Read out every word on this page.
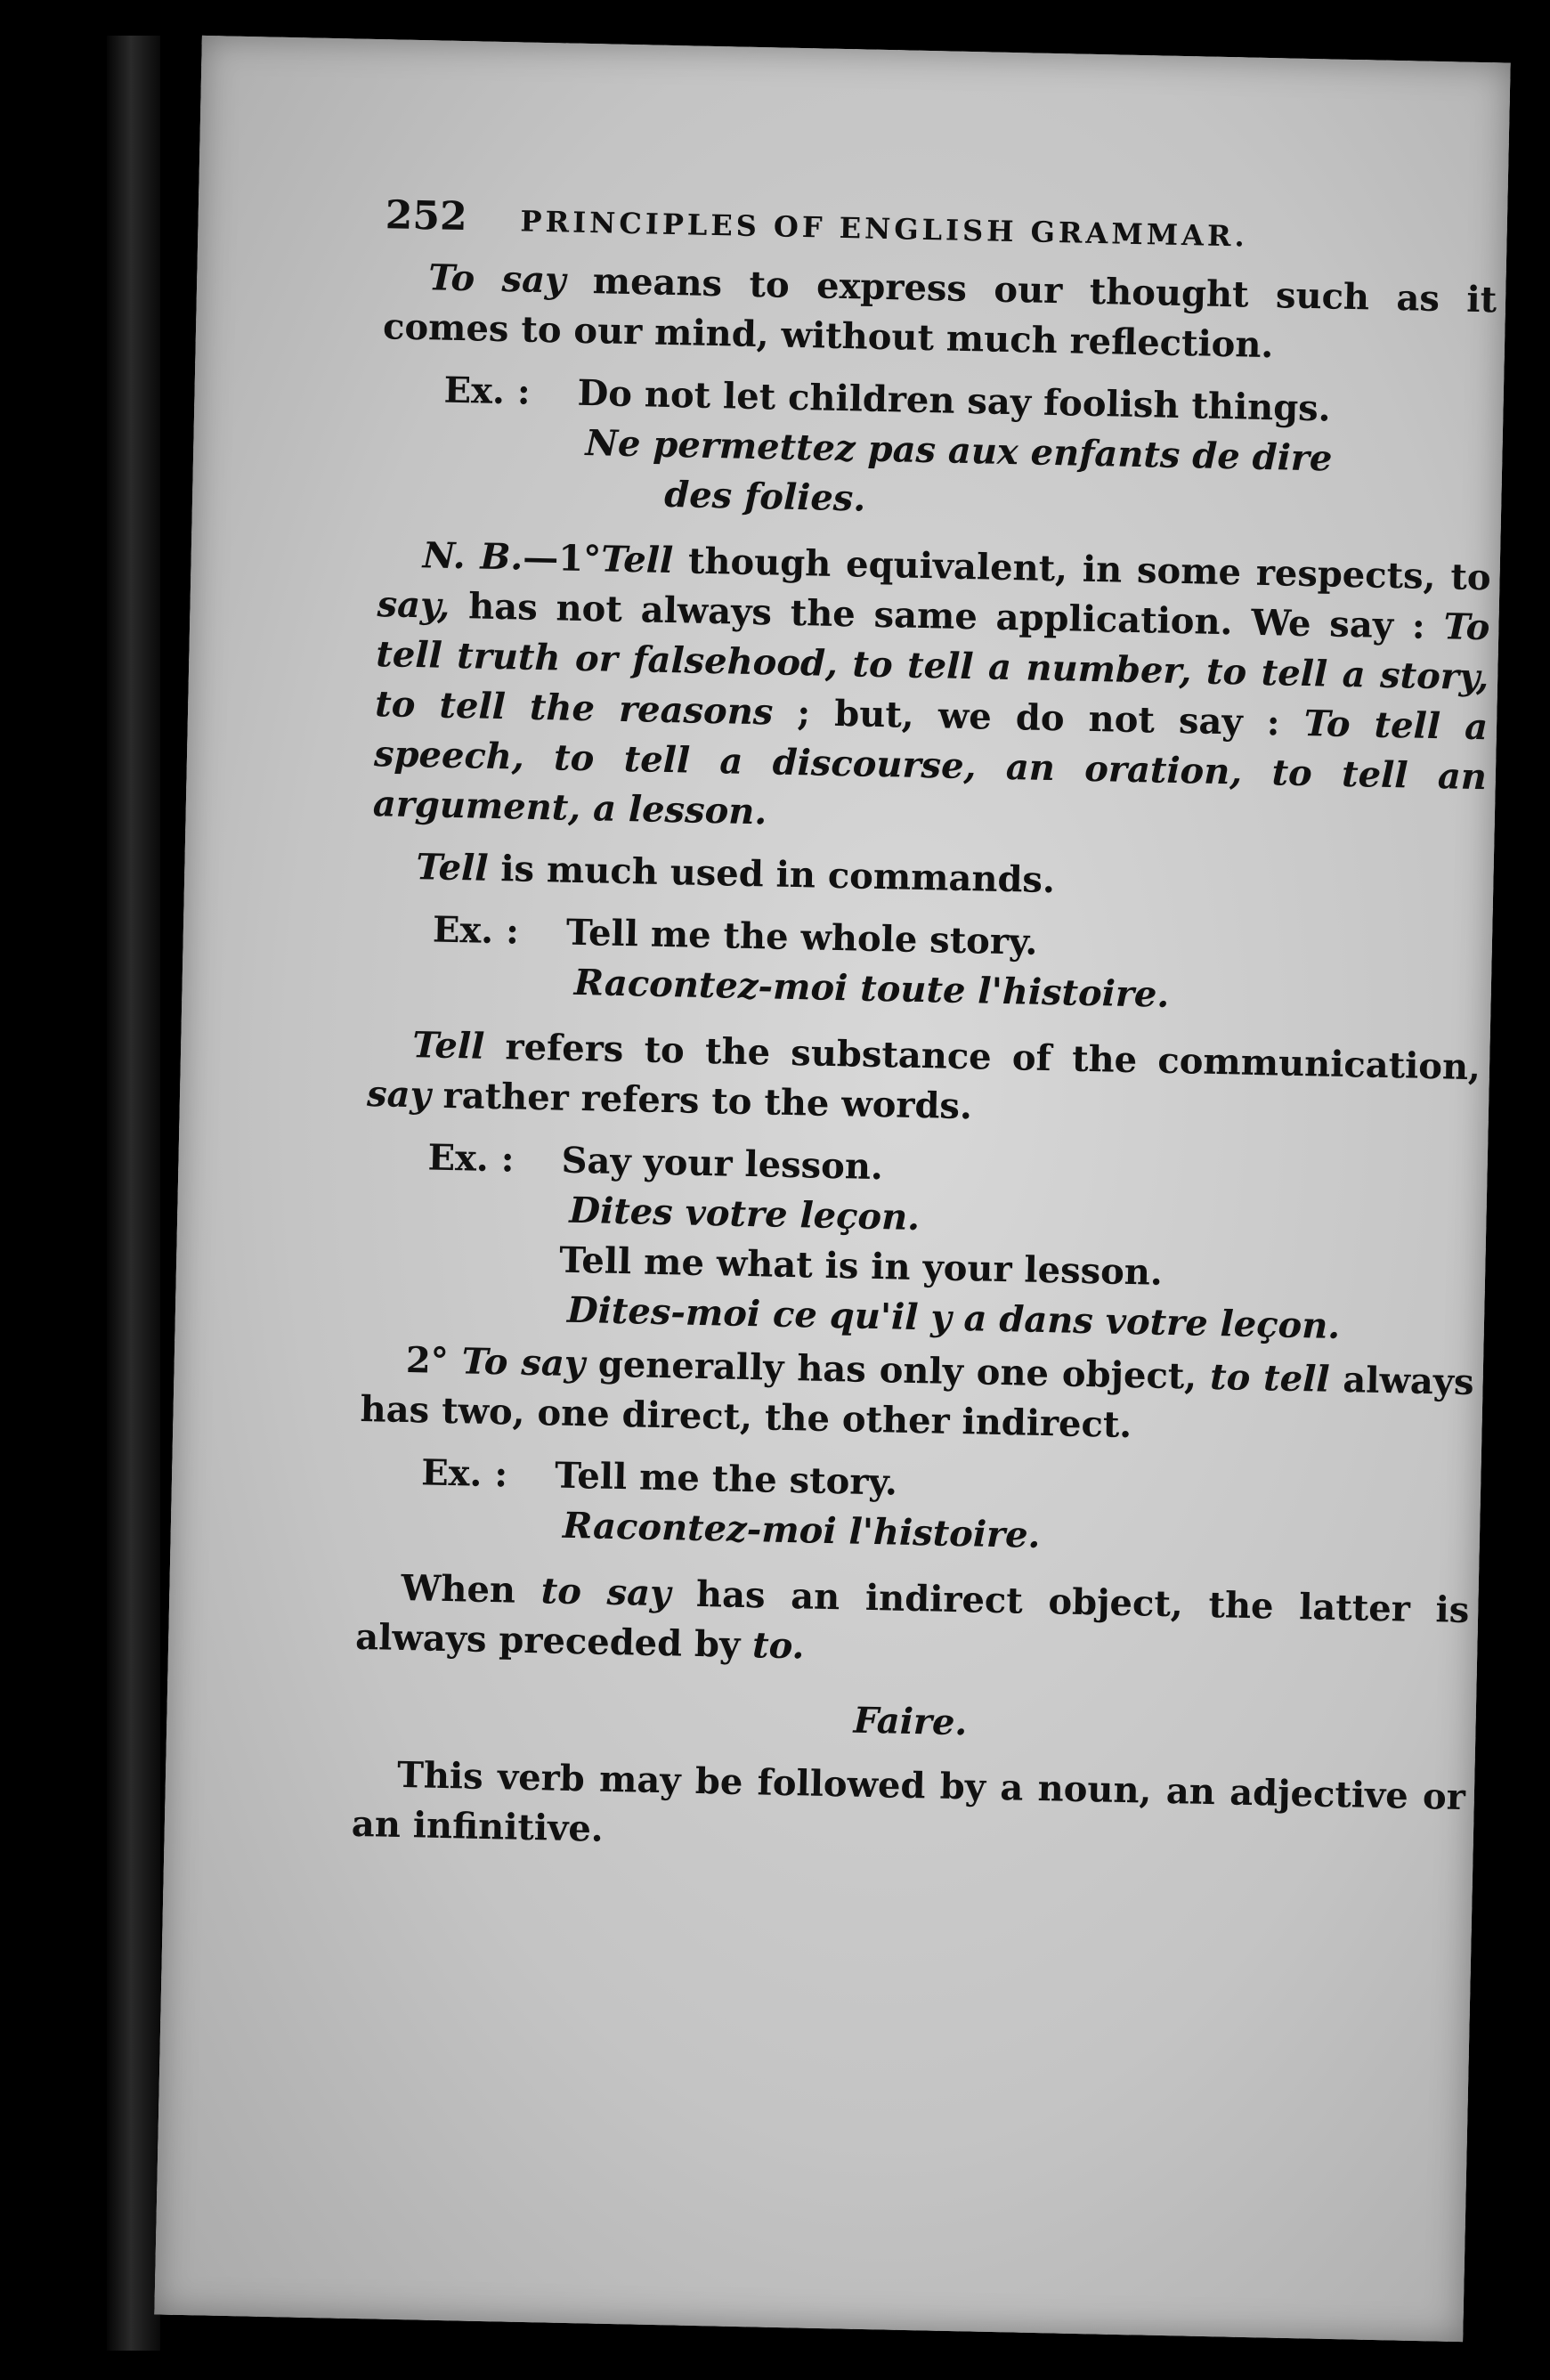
252 PRINCIPLES OF ENGLISH GRAMMAR.

To say means to express our thought such as it comes to our mind, without much reflection.

Ex. :	Do not let children say foolish things.
Ne permettez pas aux enfants de dire
des folies.

N. B.—1°Tell though equivalent, in some respects, to say, has not always the same application. We say : To tell truth or falsehood, to tell a number, to tell a story, to tell the reasons ; but, we do not say : To tell a speech, to tell a discourse, an oration, to tell an argument, a lesson.

Tell is much used in commands.

Ex. :	Tell me the whole story.
Racontez-moi toute l'histoire.

Tell refers to the substance of the communication, say rather refers to the words.

Ex. :	Say your lesson.
Dites votre leçon.
Tell me what is in your lesson.
Dites-moi ce qu'il y a dans votre leçon.

2° To say generally has only one object, to tell always has two, one direct, the other indirect.

Ex. :	Tell me the story.
Racontez-moi l'histoire.

When to say has an indirect object, the latter is always preceded by to.

Faire.

This verb may be followed by a noun, an adjective or an infinitive.
